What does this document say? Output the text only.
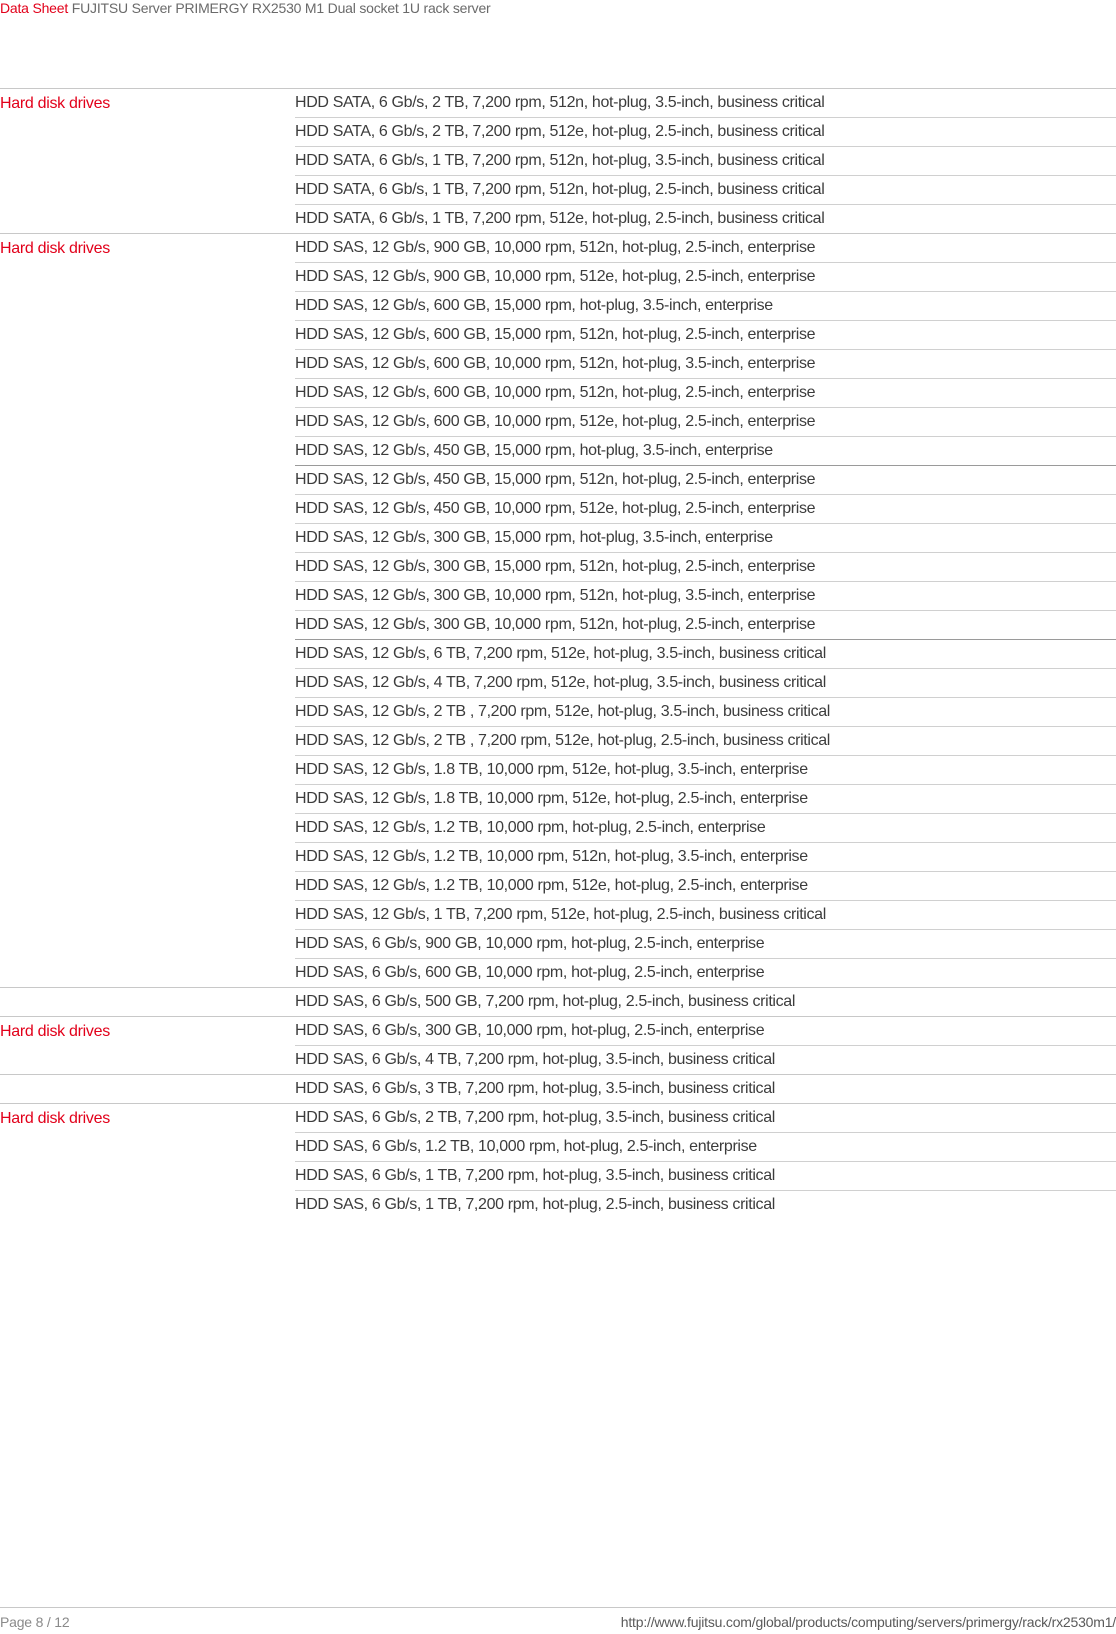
Data Sheet FUJITSU Server PRIMERGY RX2530 M1 Dual socket 1U rack server
Hard disk drives	HDD SATA, 6 Gb/s, 2 TB, 7,200 rpm, 512n, hot-plug, 3.5-inch, business critical
HDD SATA, 6 Gb/s, 2 TB, 7,200 rpm, 512e, hot-plug, 2.5-inch, business critical
HDD SATA, 6 Gb/s, 1 TB, 7,200 rpm, 512n, hot-plug, 3.5-inch, business critical
HDD SATA, 6 Gb/s, 1 TB, 7,200 rpm, 512n, hot-plug, 2.5-inch, business critical
HDD SATA, 6 Gb/s, 1 TB, 7,200 rpm, 512e, hot-plug, 2.5-inch, business critical
Hard disk drives	HDD SAS, 12 Gb/s, 900 GB, 10,000 rpm, 512n, hot-plug, 2.5-inch, enterprise
HDD SAS, 12 Gb/s, 900 GB, 10,000 rpm, 512e, hot-plug, 2.5-inch, enterprise
HDD SAS, 12 Gb/s, 600 GB, 15,000 rpm, hot-plug, 3.5-inch, enterprise
HDD SAS, 12 Gb/s, 600 GB, 15,000 rpm, 512n, hot-plug, 2.5-inch, enterprise
HDD SAS, 12 Gb/s, 600 GB, 10,000 rpm, 512n, hot-plug, 3.5-inch, enterprise
HDD SAS, 12 Gb/s, 600 GB, 10,000 rpm, 512n, hot-plug, 2.5-inch, enterprise
HDD SAS, 12 Gb/s, 600 GB, 10,000 rpm, 512e, hot-plug, 2.5-inch, enterprise
HDD SAS, 12 Gb/s, 450 GB, 15,000 rpm, hot-plug, 3.5-inch, enterprise
HDD SAS, 12 Gb/s, 450 GB, 15,000 rpm, 512n, hot-plug, 2.5-inch, enterprise
HDD SAS, 12 Gb/s, 450 GB, 10,000 rpm, 512e, hot-plug, 2.5-inch, enterprise
HDD SAS, 12 Gb/s, 300 GB, 15,000 rpm, hot-plug, 3.5-inch, enterprise
HDD SAS, 12 Gb/s, 300 GB, 15,000 rpm, 512n, hot-plug, 2.5-inch, enterprise
HDD SAS, 12 Gb/s, 300 GB, 10,000 rpm, 512n, hot-plug, 3.5-inch, enterprise
HDD SAS, 12 Gb/s, 300 GB, 10,000 rpm, 512n, hot-plug, 2.5-inch, enterprise
HDD SAS, 12 Gb/s, 6 TB, 7,200 rpm, 512e, hot-plug, 3.5-inch, business critical
HDD SAS, 12 Gb/s, 4 TB, 7,200 rpm, 512e, hot-plug, 3.5-inch, business critical
HDD SAS, 12 Gb/s, 2 TB , 7,200 rpm, 512e, hot-plug, 3.5-inch, business critical
HDD SAS, 12 Gb/s, 2 TB , 7,200 rpm, 512e, hot-plug, 2.5-inch, business critical
HDD SAS, 12 Gb/s, 1.8 TB, 10,000 rpm, 512e, hot-plug, 3.5-inch, enterprise
HDD SAS, 12 Gb/s, 1.8 TB, 10,000 rpm, 512e, hot-plug, 2.5-inch, enterprise
HDD SAS, 12 Gb/s, 1.2 TB, 10,000 rpm, hot-plug, 2.5-inch, enterprise
HDD SAS, 12 Gb/s, 1.2 TB, 10,000 rpm, 512n, hot-plug, 3.5-inch, enterprise
HDD SAS, 12 Gb/s, 1.2 TB, 10,000 rpm, 512e, hot-plug, 2.5-inch, enterprise
HDD SAS, 12 Gb/s, 1 TB, 7,200 rpm, 512e, hot-plug, 2.5-inch, business critical
HDD SAS, 6 Gb/s, 900 GB, 10,000 rpm, hot-plug, 2.5-inch, enterprise
HDD SAS, 6 Gb/s, 600 GB, 10,000 rpm, hot-plug, 2.5-inch, enterprise
HDD SAS, 6 Gb/s, 500 GB, 7,200 rpm, hot-plug, 2.5-inch, business critical
Hard disk drives	HDD SAS, 6 Gb/s, 300 GB, 10,000 rpm, hot-plug, 2.5-inch, enterprise
HDD SAS, 6 Gb/s, 4 TB, 7,200 rpm, hot-plug, 3.5-inch, business critical
HDD SAS, 6 Gb/s, 3 TB, 7,200 rpm, hot-plug, 3.5-inch, business critical
Hard disk drives	HDD SAS, 6 Gb/s, 2 TB, 7,200 rpm, hot-plug, 3.5-inch, business critical
HDD SAS, 6 Gb/s, 1.2 TB, 10,000 rpm, hot-plug, 2.5-inch, enterprise
HDD SAS, 6 Gb/s, 1 TB, 7,200 rpm, hot-plug, 3.5-inch, business critical
HDD SAS, 6 Gb/s, 1 TB, 7,200 rpm, hot-plug, 2.5-inch, business critical
Page 8 / 12	http://www.fujitsu.com/global/products/computing/servers/primergy/rack/rx2530m1/
